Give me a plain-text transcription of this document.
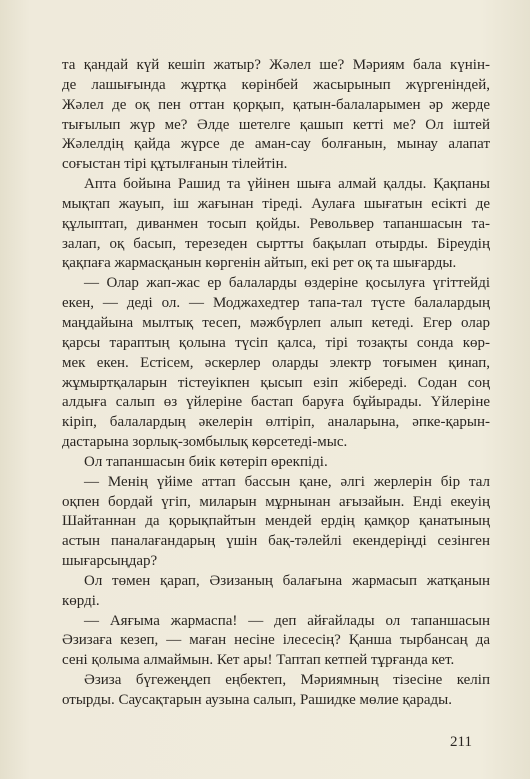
та қандай күй кешіп жатыр? Жәлел ше? Мәриям бала күнін-
де лашығында жұртқа көрінбей жасырынып жүргеніндей,
Жәлел де оқ пен оттан қорқып, қатын-балаларымен әр жерде
тығылып жүр ме? Әлде шетелге қашып кетті ме? Ол іштей
Жәлелдің қайда жүрсе де аман-сау болғанын, мынау алапат
соғыстан тірі құтылғанын тілейтін.
Апта бойына Рашид та үйінен шыға алмай қалды. Қақпаны
мықтап жауып, іш жағынан тіреді. Аулаға шығатын есікті де
құлыптап, диванмен тосып қойды. Револьвер тапаншасын та-
залап, оқ басып, терезеден сыртты бақылап отырды. Біреудің
қақпаға жармасқанын көргенін айтып, екі рет оқ та шығарды.
— Олар жап-жас ер балаларды өздеріне қосылуға үгіттейді
екен, — деді ол. — Моджахедтер тапа-тал түсте балалардың
маңдайына мылтық тесеп, мәжбүрлеп алып кетеді. Егер олар
қарсы тараптың қолына түсіп қалса, тірі тозақты сонда көр-
мек екен. Естісем, әскерлер оларды электр тоғымен қинап,
жұмыртқаларын тістеуікпен қысып езіп жібереді. Содан соң
алдыға салып өз үйлеріне бастап баруға бұйырады. Үйлеріне
кіріп, балалардың әкелерін өлтіріп, аналарына, әпке-қарын-
дастарына зорлық-зомбылық көрсетеді-мыс.
Ол тапаншасын биік көтеріп өрекпіді.
— Менің үйіме аттап бассын қане, әлгі жерлерін бір тал
оқпен бордай үгіп, миларын мұрнынан ағызайын. Енді екеуің
Шайтаннан да қорықпайтын мендей ердің қамқор қанатының
астын паналағандарың үшін бақ-тәлейлі екендеріңді сезінген
шығарсыңдар?
Ол төмен қарап, Әзизаның балағына жармасып жатқанын
көрді.
— Аяғыма жармаспа! — деп айғайлады ол тапаншасын
Әзизаға кезеп, — маған несіне ілесесің? Қанша тырбансаң да
сені қолыма алмаймын. Кет ары! Таптап кетпей тұрғанда кет.
Әзиза бүгежеңдеп еңбектеп, Мәриямның тізесіне келіп
отырды. Саусақтарын аузына салып, Рашидке мөлие қарады.
211
